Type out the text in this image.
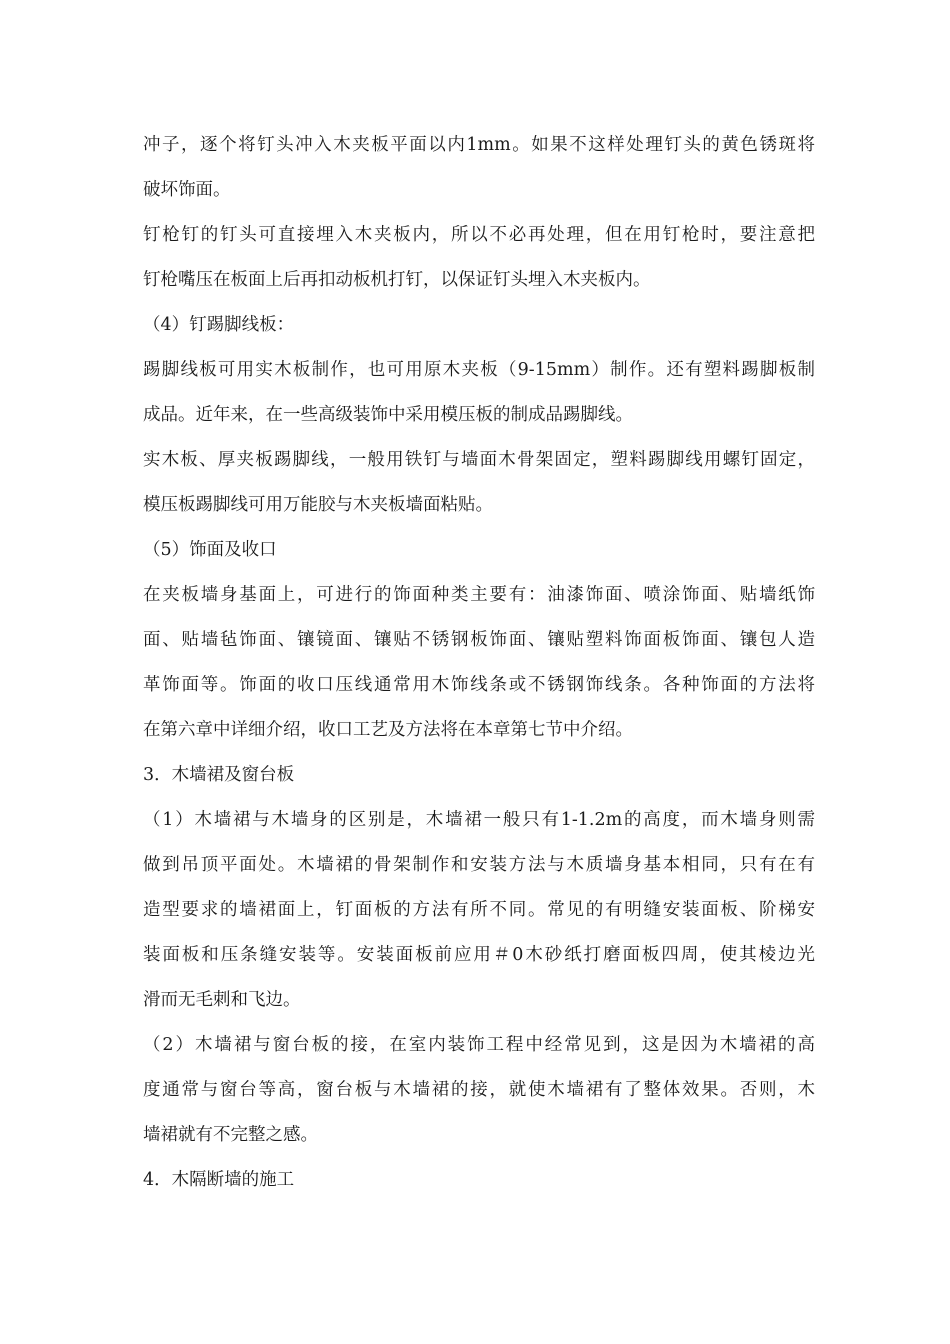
冲子，逐个将钉头冲入木夹板平面以内1mm。如果不这样处理钉头的黄色锈斑将
破坏饰面。
钉枪钉的钉头可直接埋入木夹板内，所以不必再处理，但在用钉枪时，要注意把
钉枪嘴压在板面上后再扣动板机打钉，以保证钉头埋入木夹板内。
（4）钉踢脚线板：
踢脚线板可用实木板制作，也可用原木夹板（9-15mm）制作。还有塑料踢脚板制
成品。近年来，在一些高级装饰中采用模压板的制成品踢脚线。
实木板、厚夹板踢脚线，一般用铁钉与墙面木骨架固定，塑料踢脚线用螺钉固定，
模压板踢脚线可用万能胶与木夹板墙面粘贴。
（5）饰面及收口
在夹板墙身基面上，可进行的饰面种类主要有：油漆饰面、喷涂饰面、贴墙纸饰
面、贴墙毡饰面、镶镜面、镶贴不锈钢板饰面、镶贴塑料饰面板饰面、镶包人造
革饰面等。饰面的收口压线通常用木饰线条或不锈钢饰线条。各种饰面的方法将
在第六章中详细介绍，收口工艺及方法将在本章第七节中介绍。
3．木墙裙及窗台板
（1）木墙裙与木墙身的区别是，木墙裙一般只有1-1.2m的高度，而木墙身则需
做到吊顶平面处。木墙裙的骨架制作和安装方法与木质墙身基本相同，只有在有
造型要求的墙裙面上，钉面板的方法有所不同。常见的有明缝安装面板、阶梯安
装面板和压条缝安装等。安装面板前应用＃0木砂纸打磨面板四周，使其棱边光
滑而无毛刺和飞边。
（2）木墙裙与窗台板的接，在室内装饰工程中经常见到，这是因为木墙裙的高
度通常与窗台等高，窗台板与木墙裙的接，就使木墙裙有了整体效果。否则，木
墙裙就有不完整之感。
4．木隔断墙的施工
